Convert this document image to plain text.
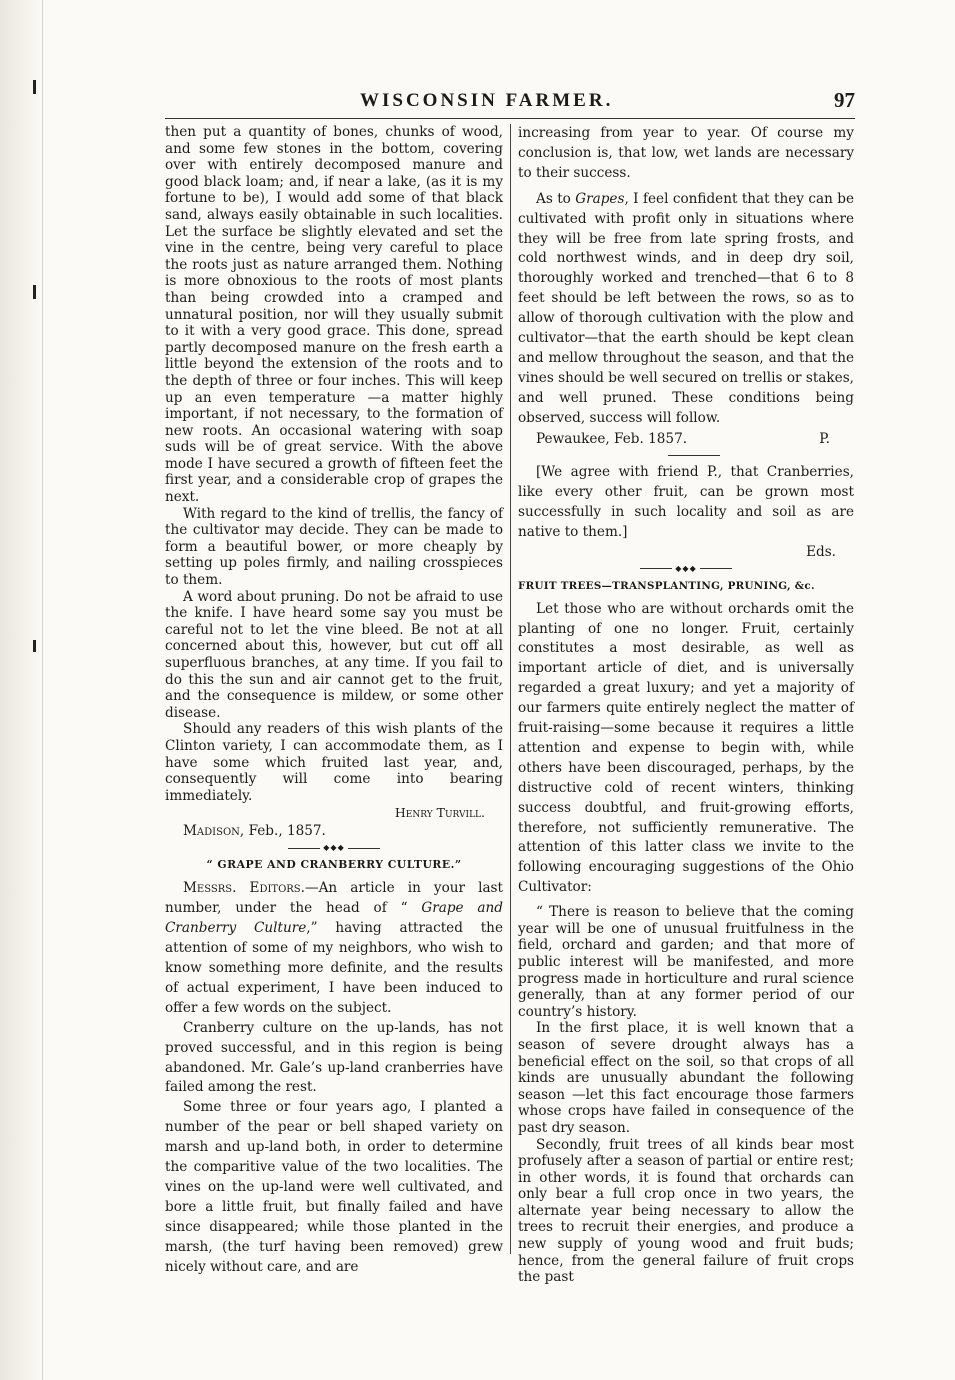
WISCONSIN FARMER.	97

then put a quantity of bones, chunks of wood, and some few stones in the bottom, covering over with entirely decomposed manure and good black loam; and, if near a lake, (as it is my fortune to be), I would add some of that black sand, always easily obtainable in such localities. Let the surface be slightly elevated and set the vine in the centre, being very careful to place the roots just as nature arranged them. Nothing is more obnoxious to the roots of most plants than being crowded into a cramped and unnatural position, nor will they usually submit to it with a very good grace. This done, spread partly decomposed manure on the fresh earth a little beyond the extension of the roots and to the depth of three or four inches. This will keep up an even temperature —a matter highly important, if not necessary, to the formation of new roots. An occasional watering with soap suds will be of great service. With the above mode I have secured a growth of fifteen feet the first year, and a considerable crop of grapes the next.

With regard to the kind of trellis, the fancy of the cultivator may decide. They can be made to form a beautiful bower, or more cheaply by setting up poles firmly, and nailing crosspieces to them.

A word about pruning. Do not be afraid to use the knife. I have heard some say you must be careful not to let the vine bleed. Be not at all concerned about this, however, but cut off all superfluous branches, at any time. If you fail to do this the sun and air cannot get to the fruit, and the consequence is mildew, or some other disease.

Should any readers of this wish plants of the Clinton variety, I can accommodate them, as I have some which fruited last year, and, consequently will come into bearing immediately.

Henry Turvill.
Madison, Feb., 1857.
◆◆◆
“ GRAPE AND CRANBERRY CULTURE.”

Messrs. Editors.—An article in your last number, under the head of “ Grape and Cranberry Culture,” having attracted the attention of some of my neighbors, who wish to know something more definite, and the results of actual experiment, I have been induced to offer a few words on the subject.

Cranberry culture on the up-lands, has not proved successful, and in this region is being abandoned. Mr. Gale’s up-land cranberries have failed among the rest.

Some three or four years ago, I planted a number of the pear or bell shaped variety on marsh and up-land both, in order to determine the comparitive value of the two localities. The vines on the up-land were well cultivated, and bore a little fruit, but finally failed and have since disappeared; while those planted in the marsh, (the turf having been removed) grew nicely without care, and are

increasing from year to year. Of course my conclusion is, that low, wet lands are necessary to their success.

As to Grapes, I feel confident that they can be cultivated with profit only in situations where they will be free from late spring frosts, and cold northwest winds, and in deep dry soil, thoroughly worked and trenched—that 6 to 8 feet should be left between the rows, so as to allow of thorough cultivation with the plow and cultivator—that the earth should be kept clean and mellow throughout the season, and that the vines should be well secured on trellis or stakes, and well pruned. These conditions being observed, success will follow.

Pewaukee, Feb. 1857.	P.

[We agree with friend P., that Cranberries, like every other fruit, can be grown most successfully in such locality and soil as are native to them.]

Eds.
◆◆◆
FRUIT TREES—TRANSPLANTING, PRUNING, &c.

Let those who are without orchards omit the planting of one no longer. Fruit, certainly constitutes a most desirable, as well as important article of diet, and is universally regarded a great luxury; and yet a majority of our farmers quite entirely neglect the matter of fruit-raising—some because it requires a little attention and expense to begin with, while others have been discouraged, perhaps, by the distructive cold of recent winters, thinking success doubtful, and fruit-growing efforts, therefore, not sufficiently remunerative. The attention of this latter class we invite to the following encouraging suggestions of the Ohio Cultivator:

“ There is reason to believe that the coming year will be one of unusual fruitfulness in the field, orchard and garden; and that more of public interest will be manifested, and more progress made in horticulture and rural science generally, than at any former period of our country’s history.

In the first place, it is well known that a season of severe drought always has a beneficial effect on the soil, so that crops of all kinds are unusually abundant the following season —let this fact encourage those farmers whose crops have failed in consequence of the past dry season.

Secondly, fruit trees of all kinds bear most profusely after a season of partial or entire rest; in other words, it is found that orchards can only bear a full crop once in two years, the alternate year being necessary to allow the trees to recruit their energies, and produce a new supply of young wood and fruit buds; hence, from the general failure of fruit crops the past
